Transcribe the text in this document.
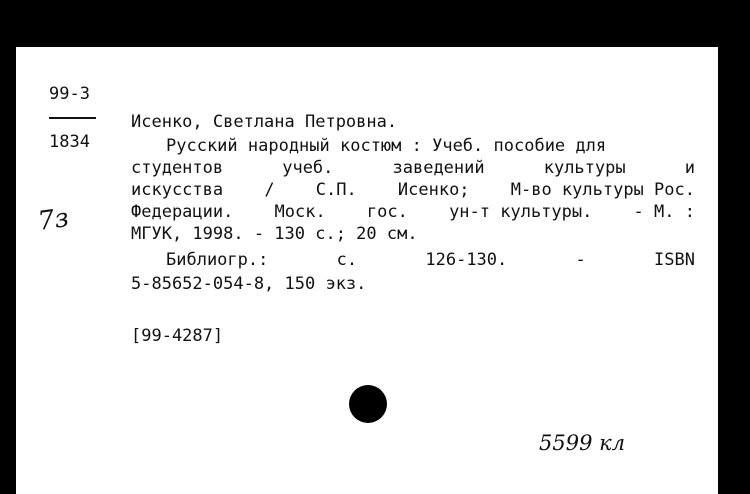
99-3
1834
Исенко, Светлана Петровна.
Русский народный костюм : Учеб. пособие для
студентов	учеб.	заведений	культуры	и
искусства / С.П. Исенко; М-во культуры Рос.
Федерации. Моск. гос. ун-т культуры. - М. :
МГУК, 1998. - 130 с.; 20 см.
Библиогр.:	с.	126-130.	-	ISBN
5-85652-054-8, 150 экз.
[99-4287]
7з
5599 кл
